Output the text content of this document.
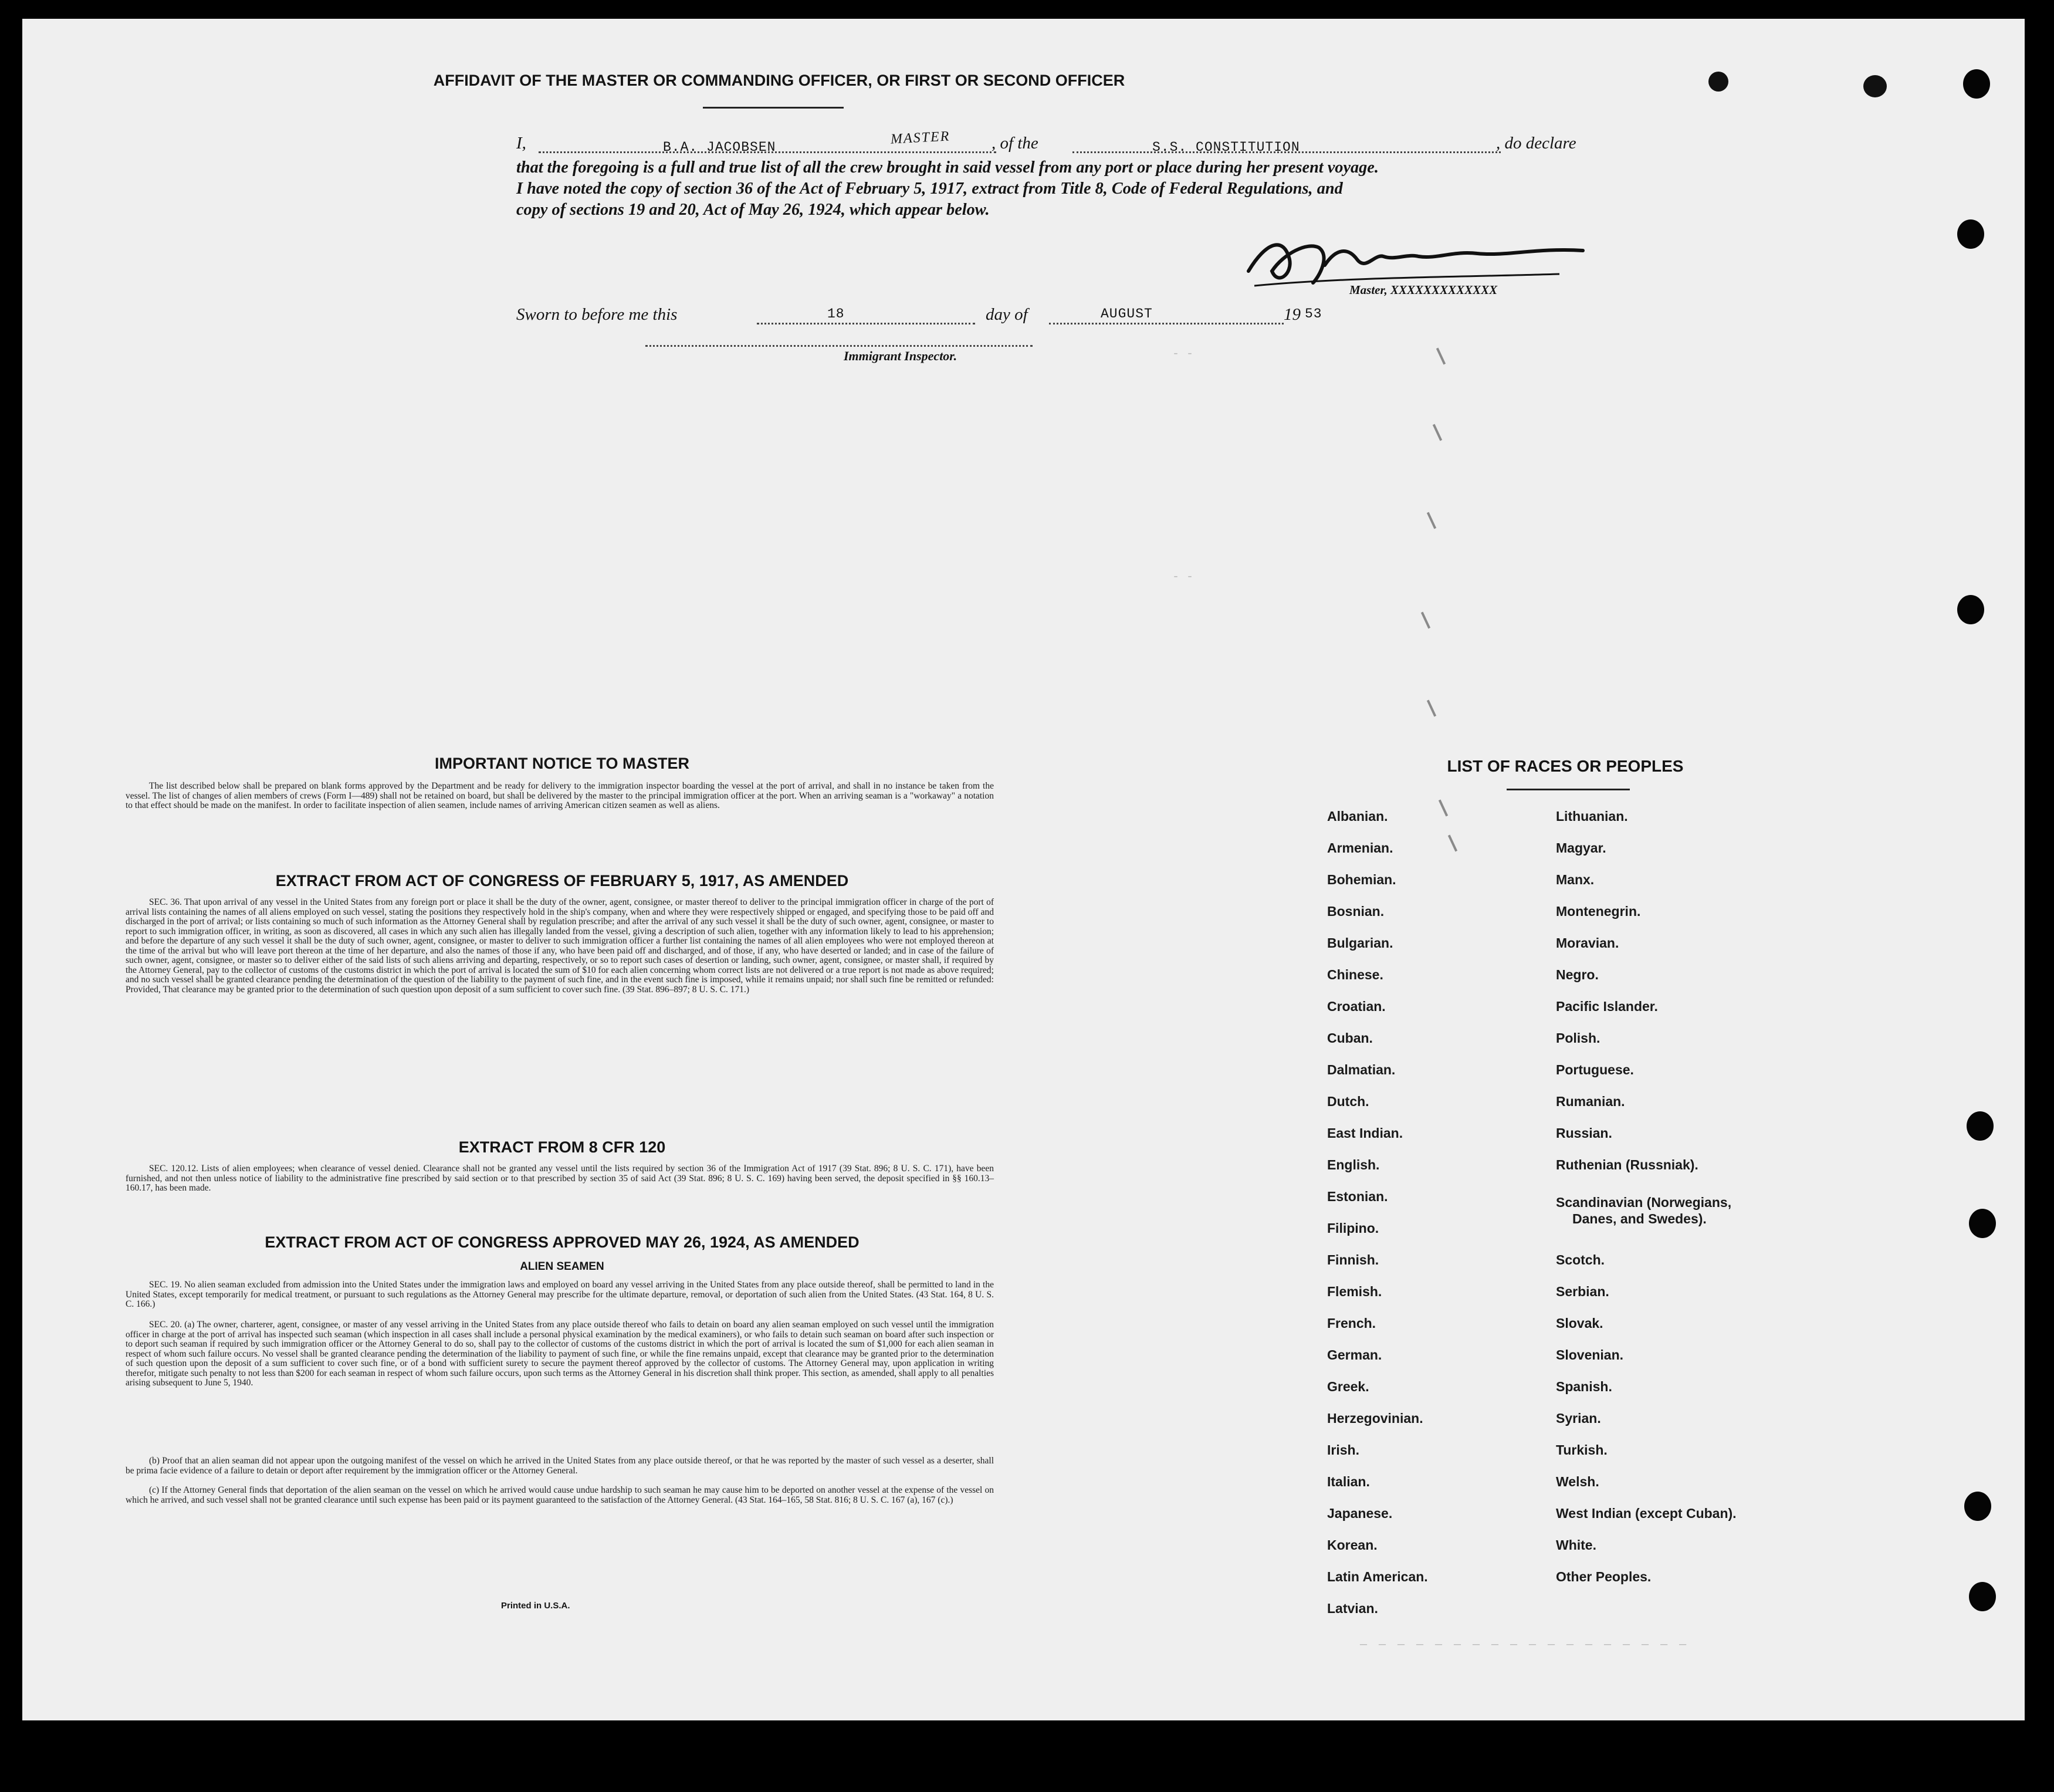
- -
- -
— — — — — — — — — — — — — — — — — —
AFFIDAVIT OF THE MASTER OR COMMANDING OFFICER, OR FIRST OR SECOND OFFICER
I,	B.A. JACOBSEN
MASTER , of the	S.S. CONSTITUTION	, do declare
that the foregoing is a full and true list of all the crew brought in said vessel from any port or place during her present voyage.
I have noted the copy of section 36 of the Act of February 5, 1917, extract from Title 8, Code of Federal Regulations, and
copy of sections 19 and 20, Act of May 26, 1924, which appear below.
Master, XXXXXXXXXXXXX
Sworn to before me this	18	day of	AUGUST	19 53
Immigrant Inspector.
IMPORTANT NOTICE TO MASTER

The list described below shall be prepared on blank forms approved by the Department and be ready for delivery to the immigration inspector boarding the vessel at the port of arrival, and shall in no instance be taken from the vessel. The list of changes of alien members of crews (Form I—489) shall not be retained on board, but shall be delivered by the master to the principal immigration officer at the port. When an arriving seaman is a "workaway" a notation to that effect should be made on the manifest. In order to facilitate inspection of alien seamen, include names of arriving American citizen seamen as well as aliens.

EXTRACT FROM ACT OF CONGRESS OF FEBRUARY 5, 1917, AS AMENDED

SEC. 36. That upon arrival of any vessel in the United States from any foreign port or place it shall be the duty of the owner, agent, consignee, or master thereof to deliver to the principal immigration officer in charge of the port of arrival lists containing the names of all aliens employed on such vessel, stating the positions they respectively hold in the ship's company, when and where they were respectively shipped or engaged, and specifying those to be paid off and discharged in the port of arrival; or lists containing so much of such information as the Attorney General shall by regulation prescribe; and after the arrival of any such vessel it shall be the duty of such owner, agent, consignee, or master to report to such immigration officer, in writing, as soon as discovered, all cases in which any such alien has illegally landed from the vessel, giving a description of such alien, together with any information likely to lead to his apprehension; and before the departure of any such vessel it shall be the duty of such owner, agent, consignee, or master to deliver to such immigration officer a further list containing the names of all alien employees who were not employed thereon at the time of the arrival but who will leave port thereon at the time of her departure, and also the names of those if any, who have been paid off and discharged, and of those, if any, who have deserted or landed; and in case of the failure of such owner, agent, consignee, or master so to deliver either of the said lists of such aliens arriving and departing, respectively, or so to report such cases of desertion or landing, such owner, agent, consignee, or master shall, if required by the Attorney General, pay to the collector of customs of the customs district in which the port of arrival is located the sum of $10 for each alien concerning whom correct lists are not delivered or a true report is not made as above required; and no such vessel shall be granted clearance pending the determination of the question of the liability to the payment of such fine, and in the event such fine is imposed, while it remains unpaid; nor shall such fine be remitted or refunded: Provided, That clearance may be granted prior to the determination of such question upon deposit of a sum sufficient to cover such fine. (39 Stat. 896–897; 8 U. S. C. 171.)

EXTRACT FROM 8 CFR 120

SEC. 120.12. Lists of alien employees; when clearance of vessel denied. Clearance shall not be granted any vessel until the lists required by section 36 of the Immigration Act of 1917 (39 Stat. 896; 8 U. S. C. 171), have been furnished, and not then unless notice of liability to the administrative fine prescribed by said section or to that prescribed by section 35 of said Act (39 Stat. 896; 8 U. S. C. 169) having been served, the deposit specified in §§ 160.13–160.17, has been made.

EXTRACT FROM ACT OF CONGRESS APPROVED MAY 26, 1924, AS AMENDED
ALIEN SEAMEN

SEC. 19. No alien seaman excluded from admission into the United States under the immigration laws and employed on board any vessel arriving in the United States from any place outside thereof, shall be permitted to land in the United States, except temporarily for medical treatment, or pursuant to such regulations as the Attorney General may prescribe for the ultimate departure, removal, or deportation of such alien from the United States. (43 Stat. 164, 8 U. S. C. 166.)

SEC. 20. (a) The owner, charterer, agent, consignee, or master of any vessel arriving in the United States from any place outside thereof who fails to detain on board any alien seaman employed on such vessel until the immigration officer in charge at the port of arrival has inspected such seaman (which inspection in all cases shall include a personal physical examination by the medical examiners), or who fails to detain such seaman on board after such inspection or to deport such seaman if required by such immigration officer or the Attorney General to do so, shall pay to the collector of customs of the customs district in which the port of arrival is located the sum of $1,000 for each alien seaman in respect of whom such failure occurs. No vessel shall be granted clearance pending the determination of the liability to payment of such fine, or while the fine remains unpaid, except that clearance may be granted prior to the determination of such question upon the deposit of a sum sufficient to cover such fine, or of a bond with sufficient surety to secure the payment thereof approved by the collector of customs. The Attorney General may, upon application in writing therefor, mitigate such penalty to not less than $200 for each seaman in respect of whom such failure occurs, upon such terms as the Attorney General in his discretion shall think proper. This section, as amended, shall apply to all penalties arising subsequent to June 5, 1940.

(b) Proof that an alien seaman did not appear upon the outgoing manifest of the vessel on which he arrived in the United States from any place outside thereof, or that he was reported by the master of such vessel as a deserter, shall be prima facie evidence of a failure to detain or deport after requirement by the immigration officer or the Attorney General.

(c) If the Attorney General finds that deportation of the alien seaman on the vessel on which he arrived would cause undue hardship to such seaman he may cause him to be deported on another vessel at the expense of the vessel on which he arrived, and such vessel shall not be granted clearance until such expense has been paid or its payment guaranteed to the satisfaction of the Attorney General. (43 Stat. 164–165, 58 Stat. 816; 8 U. S. C. 167 (a), 167 (c).)

Printed in U.S.A.
LIST OF RACES OR PEOPLES
Albanian.
Armenian.
Bohemian.
Bosnian.
Bulgarian.
Chinese.
Croatian.
Cuban.
Dalmatian.
Dutch.
East Indian.
English.
Estonian.
Filipino.
Finnish.
Flemish.
French.
German.
Greek.
Herzegovinian.
Irish.
Italian.
Japanese.
Korean.
Latin American.
Latvian.
Lithuanian.
Magyar.
Manx.
Montenegrin.
Moravian.
Negro.
Pacific Islander.
Polish.
Portuguese.
Rumanian.
Russian.
Ruthenian (Russniak).
Scandinavian (Norwegians,
Danes, and Swedes).
Scotch.
Serbian.
Slovak.
Slovenian.
Spanish.
Syrian.
Turkish.
Welsh.
West Indian (except Cuban).
White.
Other Peoples.
